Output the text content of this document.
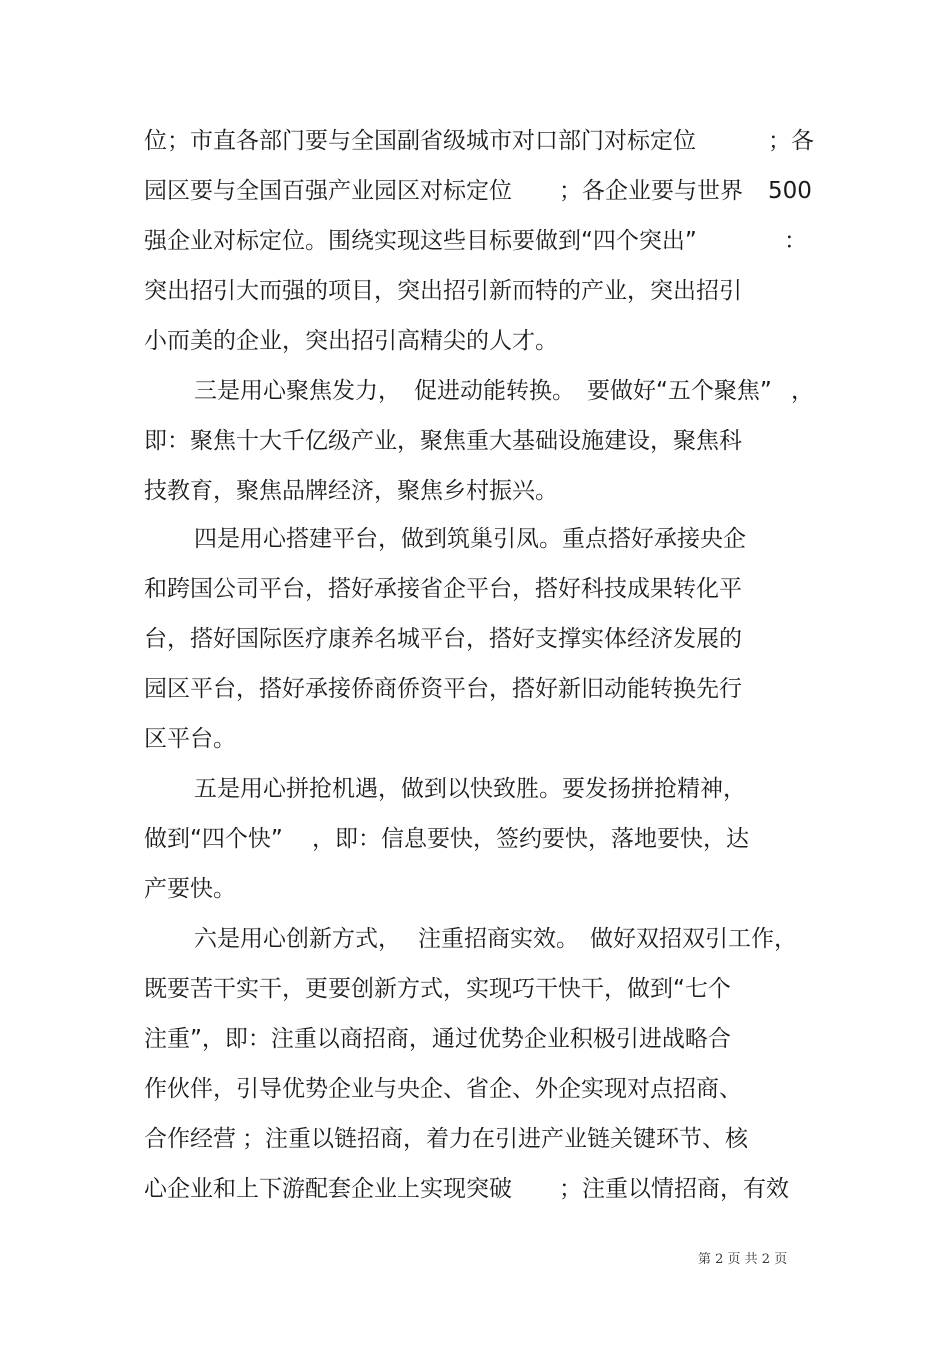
位；市直各部门要与全国副省级城市对口部门对标定位	；各
园区要与全国百强产业园区对标定位 ；各企业要与世界 500
强企业对标定位。围绕实现这些目标要做到“四个突出”	：
突出招引大而强的项目，突出招引新而特的产业，突出招引
小而美的企业，突出招引高精尖的人才。
三是用心聚焦发力， 促进动能转换。 要做好“五个聚焦” ，
即：聚焦十大千亿级产业，聚焦重大基础设施建设，聚焦科
技教育，聚焦品牌经济，聚焦乡村振兴。
四是用心搭建平台，做到筑巢引凤。重点搭好承接央企
和跨国公司平台，搭好承接省企平台，搭好科技成果转化平
台，搭好国际医疗康养名城平台，搭好支撑实体经济发展的
园区平台，搭好承接侨商侨资平台，搭好新旧动能转换先行
区平台。
五是用心拼抢机遇，做到以快致胜。要发扬拼抢精神，
做到“四个快” ，即：信息要快，签约要快，落地要快，达
产要快。
六是用心创新方式， 注重招商实效。 做好双招双引工作，
既要苦干实干，更要创新方式，实现巧干快干，做到“七个
注重”，即：注重以商招商，通过优势企业积极引进战略合
作伙伴，引导优势企业与央企、省企、外企实现对点招商、
合作经营 ；注重以链招商，着力在引进产业链关键环节、核
心企业和上下游配套企业上实现突破 ；注重以情招商，有效
第 2 页 共 2 页
